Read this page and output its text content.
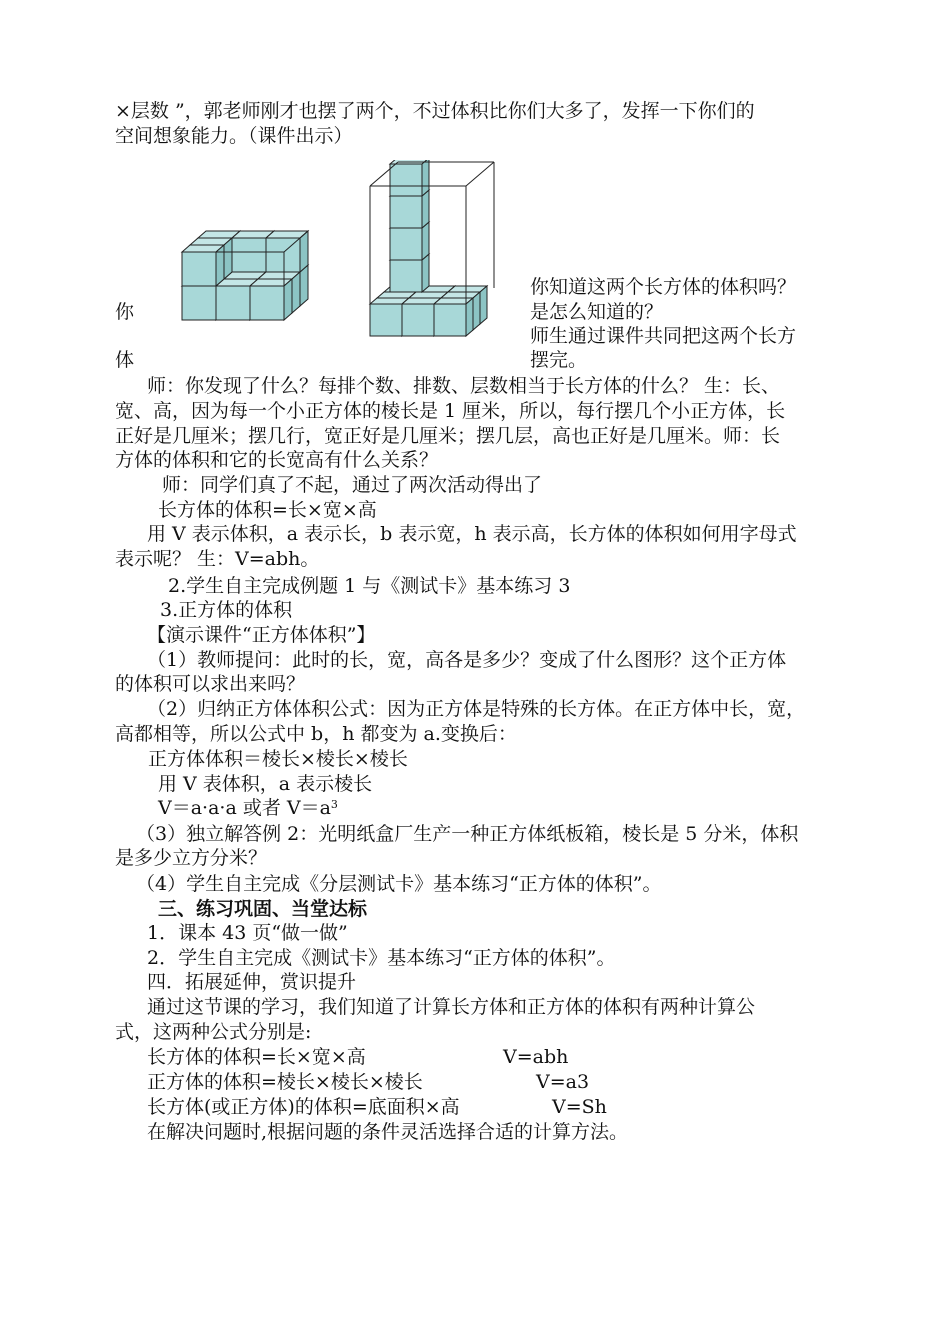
×层数 ”，郭老师刚才也摆了两个，不过体积比你们大多了，发挥一下你们的
空间想象能力。（课件出示）
你
体
你知道这两个长方体的体积吗？
是怎么知道的？
师生通过课件共同把这两个长方
摆完。
师：你发现了什么？每排个数、排数、层数相当于长方体的什么？ 生：长、
宽、高，因为每一个小正方体的棱长是 1 厘米，所以，每行摆几个小正方体，长
正好是几厘米；摆几行，宽正好是几厘米；摆几层，高也正好是几厘米。师：长
方体的体积和它的长宽高有什么关系？
师：同学们真了不起，通过了两次活动得出了
长方体的体积=长×宽×高
用 V 表示体积，a 表示长，b 表示宽，h 表示高，长方体的体积如何用字母式
表示呢？ 生：V=abh。
2.学生自主完成例题 1 与《测试卡》基本练习 3
3.正方体的体积
【演示课件“正方体体积”】
（1）教师提问：此时的长，宽，高各是多少？变成了什么图形？这个正方体
的体积可以求出来吗？
（2）归纳正方体体积公式：因为正方体是特殊的长方体。在正方体中长，宽，
高都相等，所以公式中 b，h 都变为 a.变换后：
正方体体积＝棱长×棱长×棱长
用 V 表体积，a 表示棱长
V＝a·a·a 或者 $V=a^3$
（3）独立解答例 2：光明纸盒厂生产一种正方体纸板箱，棱长是 5 分米，体积
是多少立方分米？
（4）学生自主完成《分层测试卡》基本练习“正方体的体积”。
三、练习巩固、当堂达标
1．课本 43 页“做一做”
2．学生自主完成《测试卡》基本练习“正方体的体积”。
四．拓展延伸，赏识提升
通过这节课的学习，我们知道了计算长方体和正方体的体积有两种计算公
式，这两种公式分别是:
长方体的体积=长×宽×高	V=abh
正方体的体积=棱长×棱长×棱长	V=a3
长方体(或正方体)的体积=底面积×高	V=Sh
在解决问题时,根据问题的条件灵活选择合适的计算方法。
